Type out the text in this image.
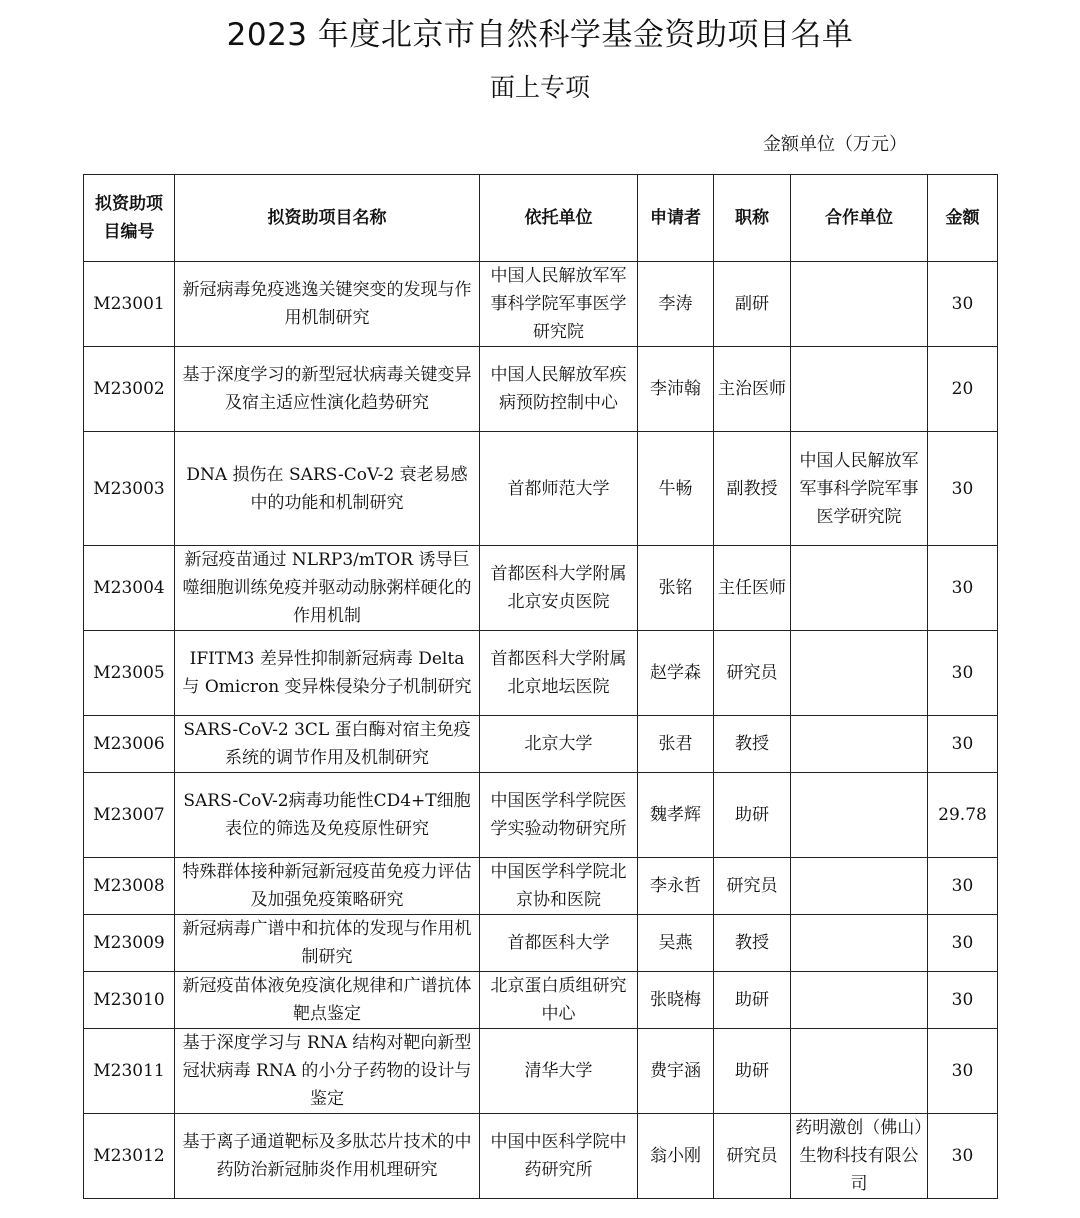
2023 年度北京市自然科学基金资助项目名单
面上专项
金额单位（万元）
拟资助项目编号	拟资助项目名称	依托单位	申请者	职称	合作单位	金额
M23001	新冠病毒免疫逃逸关键突变的发现与作用机制研究	中国人民解放军军事科学院军事医学研究院	李涛	副研		30
M23002	基于深度学习的新型冠状病毒关键变异及宿主适应性演化趋势研究	中国人民解放军疾病预防控制中心	李沛翰	主治医师		20
M23003	DNA 损伤在 SARS-CoV-2 衰老易感中的功能和机制研究	首都师范大学	牛畅	副教授	中国人民解放军军事科学院军事医学研究院	30
M23004	新冠疫苗通过 NLRP3/mTOR 诱导巨噬细胞训练免疫并驱动动脉粥样硬化的作用机制	首都医科大学附属北京安贞医院	张铭	主任医师		30
M23005	IFITM3 差异性抑制新冠病毒 Delta 与 Omicron 变异株侵染分子机制研究	首都医科大学附属北京地坛医院	赵学森	研究员		30
M23006	SARS-CoV-2 3CL 蛋白酶对宿主免疫系统的调节作用及机制研究	北京大学	张君	教授		30
M23007	SARS-CoV-2病毒功能性CD4+T细胞表位的筛选及免疫原性研究	中国医学科学院医学实验动物研究所	魏孝辉	助研		29.78
M23008	特殊群体接种新冠新冠疫苗免疫力评估及加强免疫策略研究	中国医学科学院北京协和医院	李永哲	研究员		30
M23009	新冠病毒广谱中和抗体的发现与作用机制研究	首都医科大学	吴燕	教授		30
M23010	新冠疫苗体液免疫演化规律和广谱抗体靶点鉴定	北京蛋白质组研究中心	张晓梅	助研		30
M23011	基于深度学习与 RNA 结构对靶向新型冠状病毒 RNA 的小分子药物的设计与鉴定	清华大学	费宇涵	助研		30
M23012	基于离子通道靶标及多肽芯片技术的中药防治新冠肺炎作用机理研究	中国中医科学院中药研究所	翁小刚	研究员	药明激创（佛山）生物科技有限公司	30
